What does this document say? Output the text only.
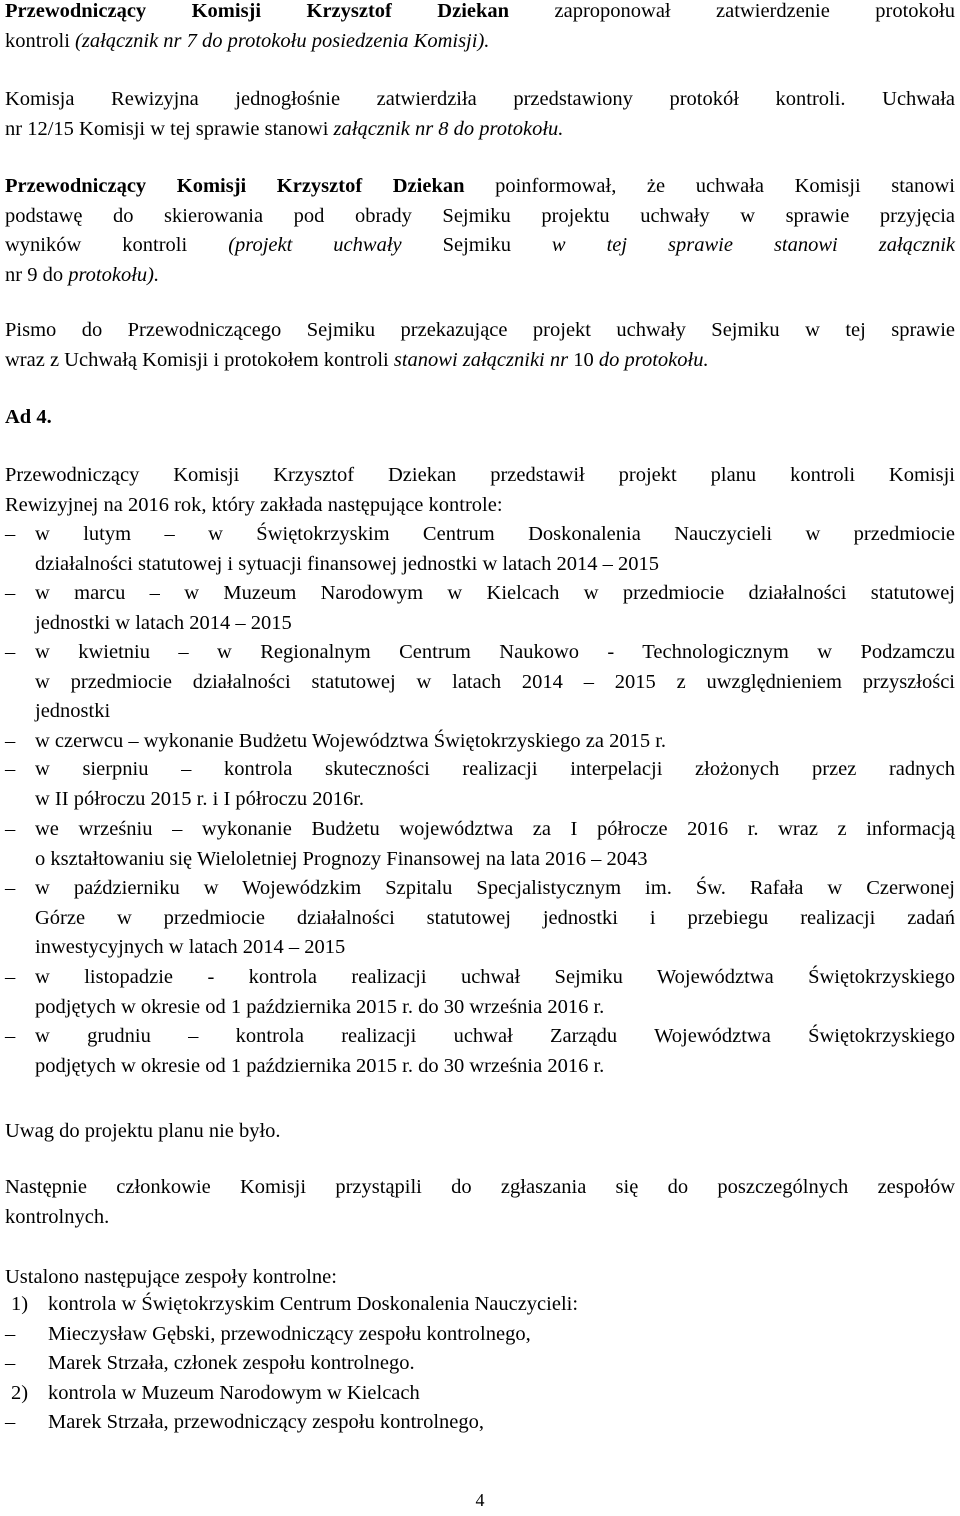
Przewodniczący Komisji Krzysztof Dziekan zaproponował zatwierdzenie protokołu
kontroli (załącznik nr 7 do protokołu posiedzenia Komisji).
Komisja Rewizyjna jednogłośnie zatwierdziła przedstawiony protokół kontroli. Uchwała
nr 12/15 Komisji w tej sprawie stanowi załącznik nr 8 do protokołu.
Przewodniczący Komisji Krzysztof Dziekan poinformował, że uchwała Komisji stanowi
podstawę do skierowania pod obrady Sejmiku projektu uchwały w sprawie przyjęcia
wyników kontroli (projekt uchwały Sejmiku w tej sprawie stanowi załącznik
nr 9 do protokołu).
Pismo do Przewodniczącego Sejmiku przekazujące projekt uchwały Sejmiku w tej sprawie
wraz z Uchwałą Komisji i protokołem kontroli stanowi załączniki nr 10 do protokołu.
Ad 4.
Przewodniczący Komisji Krzysztof Dziekan przedstawił projekt planu kontroli Komisji
Rewizyjnej na 2016 rok, który zakłada następujące kontrole:
Uwag do projektu planu nie było.
Następnie członkowie Komisji przystąpili do zgłaszania się do poszczególnych zespołów
kontrolnych.
Ustalono następujące zespoły kontrolne:
4
– w lutym – w Świętokrzyskim Centrum Doskonalenia Nauczycieli w przedmiocie
działalności statutowej i sytuacji finansowej jednostki w latach 2014 – 2015
– w marcu – w Muzeum Narodowym w Kielcach w przedmiocie działalności statutowej
jednostki w latach 2014 – 2015
– w kwietniu – w Regionalnym Centrum Naukowo - Technologicznym w Podzamczu
w przedmiocie działalności statutowej w latach 2014 – 2015 z uwzględnieniem przyszłości
jednostki
– w czerwcu – wykonanie Budżetu Województwa Świętokrzyskiego za 2015 r.
– w sierpniu – kontrola skuteczności realizacji interpelacji złożonych przez radnych
w II półroczu 2015 r. i I półroczu 2016r.
– we wrześniu – wykonanie Budżetu województwa za I półrocze 2016 r. wraz z informacją
o kształtowaniu się Wieloletniej Prognozy Finansowej na lata 2016 – 2043
– w październiku w Wojewódzkim Szpitalu Specjalistycznym im. Św. Rafała w Czerwonej
Górze w przedmiocie działalności statutowej jednostki i przebiegu realizacji zadań
inwestycyjnych w latach 2014 – 2015
– w listopadzie - kontrola realizacji uchwał Sejmiku Województwa Świętokrzyskiego
podjętych w okresie od 1 października 2015 r. do 30 września 2016 r.
– w grudniu – kontrola realizacji uchwał Zarządu Województwa Świętokrzyskiego
podjętych w okresie od 1 października 2015 r. do 30 września 2016 r.
1) kontrola w Świętokrzyskim Centrum Doskonalenia Nauczycieli:
–	Mieczysław Gębski, przewodniczący zespołu kontrolnego,
–	Marek Strzała, członek zespołu kontrolnego.
2) kontrola w Muzeum Narodowym w Kielcach
–	Marek Strzała, przewodniczący zespołu kontrolnego,
